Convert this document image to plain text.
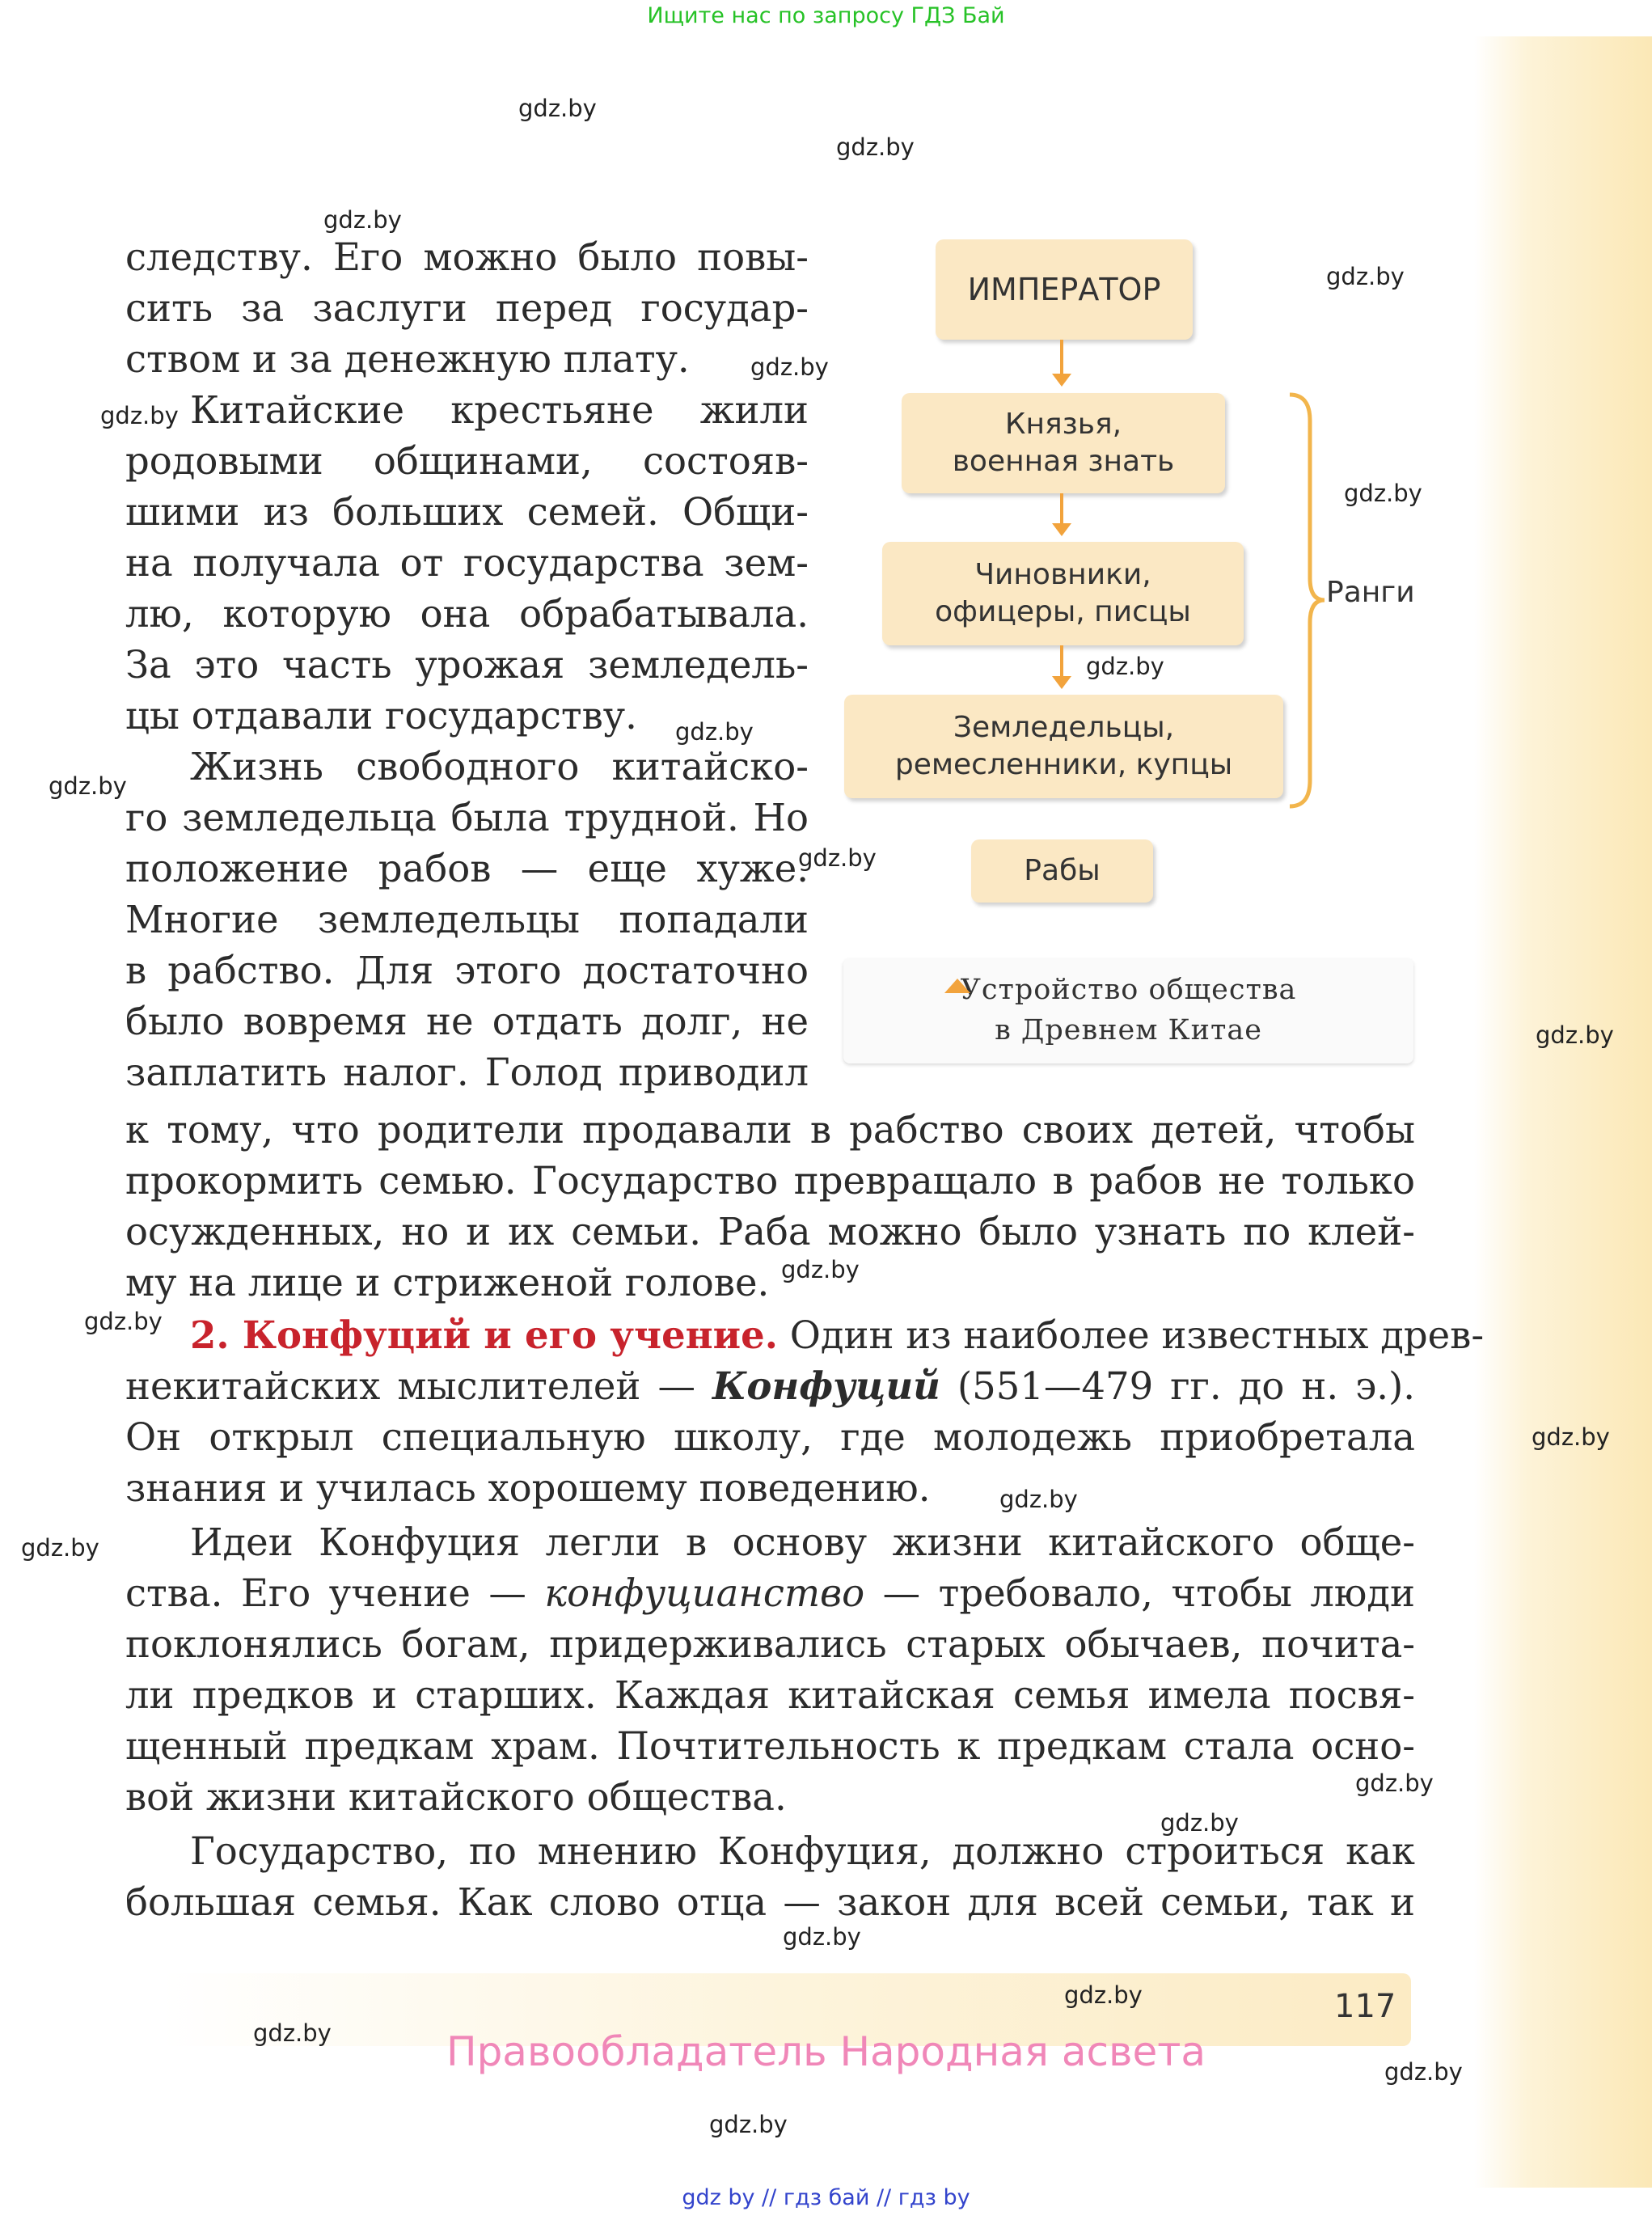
Ищите нас по запросу ГДЗ Бай
следству. Его можно было повы-
сить за заслуги перед государ-
ством и за денежную плату.
Китайские крестьяне жили
родовыми общинами, состояв-
шими из больших семей. Общи-
на получала от государства зем-
лю, которую она обрабатывала.
За это часть урожая земледель-
цы отдавали государству.
Жизнь свободного китайско-
го земледельца была трудной. Но
положение рабов — еще хуже.
Многие земледельцы попадали
в рабство. Для этого достаточно
было вовремя не отдать долг, не
заплатить налог. Голод приводил
к тому, что родители продавали в рабство своих детей, чтобы
прокормить семью. Государство превращало в рабов не только
осужденных, но и их семьи. Раба можно было узнать по клей-
му на лице и стриженой голове.
2. Конфуций и его учение. Один из наиболее известных древ-
некитайских мыслителей — Конфуций (551—479 гг. до н. э.).
Он открыл специальную школу, где молодежь приобретала
знания и училась хорошему поведению.
Идеи Конфуция легли в основу жизни китайского обще-
ства. Его учение — конфуцианство — требовало, чтобы люди
поклонялись богам, придерживались старых обычаев, почита-
ли предков и старших. Каждая китайская семья имела посвя-
щенный предкам храм. Почтительность к предкам стала осно-
вой жизни китайского общества.
Государство, по мнению Конфуция, должно строиться как
большая семья. Как слово отца — закон для всей семьи, так и
ИМПЕРАТОР
Князья,
военная знать
Чиновники,
офицеры, писцы
Земледельцы,
ремесленники, купцы
Рабы
Ранги
Устройство общества
в Древнем Китае
117
Правообладатель Народная асвета
gdz by // гдз бай // гдз by
gdz.by
gdz.by
gdz.by
gdz.by
gdz.by
gdz.by
gdz.by
gdz.by
gdz.by
gdz.by
gdz.by
gdz.by
gdz.by
gdz.by
gdz.by
gdz.by
gdz.by
gdz.by
gdz.by
gdz.by
gdz.by
gdz.by
gdz.by
gdz.by
